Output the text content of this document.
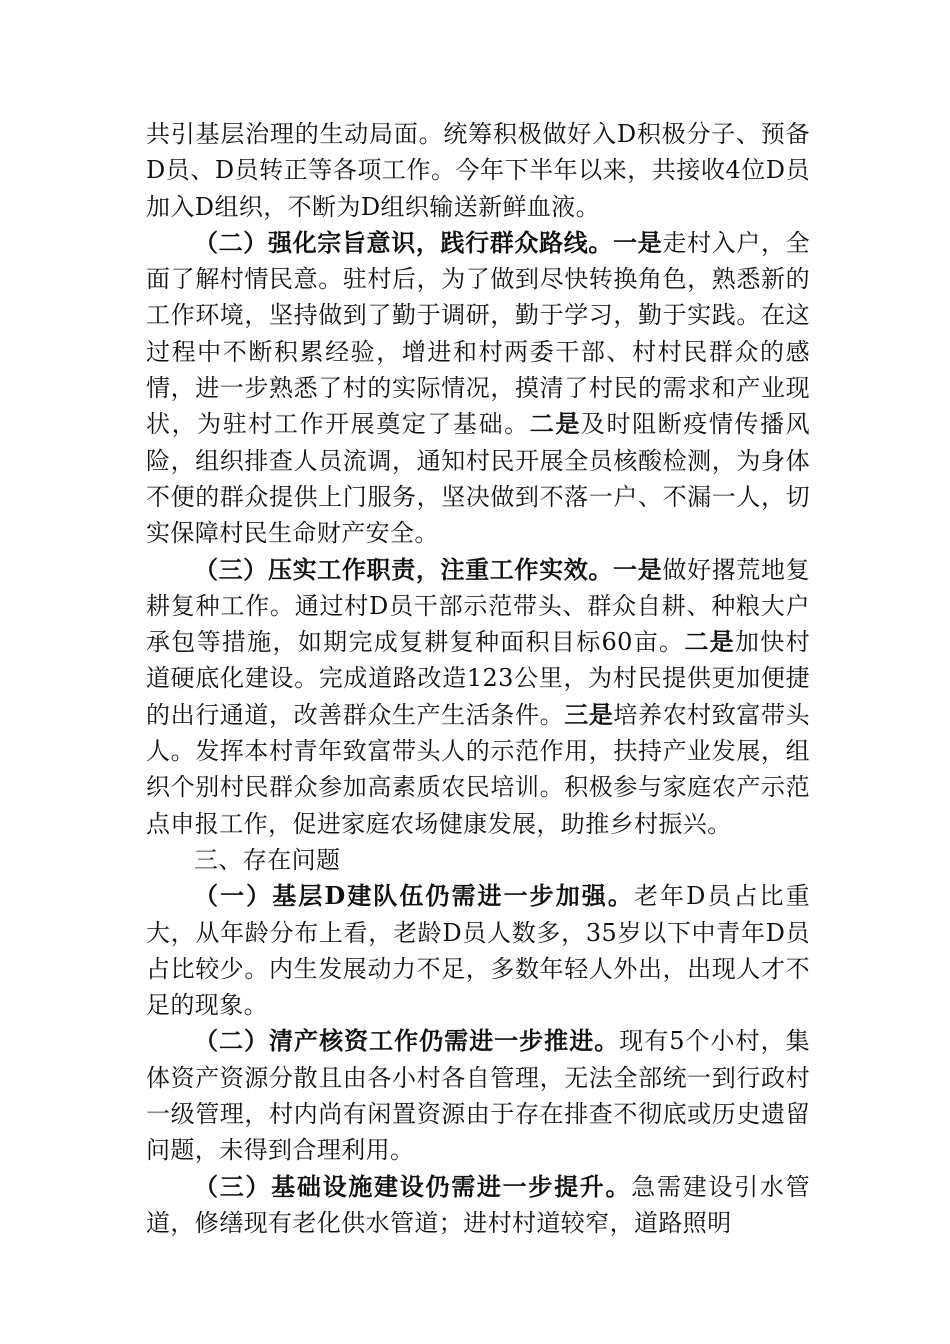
共引基层治理的生动局面。统筹积极做好入D积极分子、预备D员、D员转正等各项工作。今年下半年以来，共接收4位D员加入D组织，不断为D组织输送新鲜血液。

（二）强化宗旨意识，践行群众路线。一是走村入户，全面了解村情民意。驻村后，为了做到尽快转换角色，熟悉新的工作环境，坚持做到了勤于调研，勤于学习，勤于实践。在这过程中不断积累经验，增进和村两委干部、村村民群众的感情，进一步熟悉了村的实际情况，摸清了村民的需求和产业现状，为驻村工作开展奠定了基础。二是及时阻断疫情传播风险，组织排查人员流调，通知村民开展全员核酸检测，为身体不便的群众提供上门服务，坚决做到不落一户、不漏一人，切实保障村民生命财产安全。

（三）压实工作职责，注重工作实效。一是做好撂荒地复耕复种工作。通过村D员干部示范带头、群众自耕、种粮大户承包等措施，如期完成复耕复种面积目标60亩。二是加快村道硬底化建设。完成道路改造123公里，为村民提供更加便捷的出行通道，改善群众生产生活条件。三是培养农村致富带头人。发挥本村青年致富带头人的示范作用，扶持产业发展，组织个别村民群众参加高素质农民培训。积极参与家庭农产示范点申报工作，促进家庭农场健康发展，助推乡村振兴。

三、存在问题

（一）基层D建队伍仍需进一步加强。老年D员占比重大，从年龄分布上看，老龄D员人数多，35岁以下中青年D员占比较少。内生发展动力不足，多数年轻人外出，出现人才不足的现象。

（二）清产核资工作仍需进一步推进。现有5个小村，集体资产资源分散且由各小村各自管理，无法全部统一到行政村一级管理，村内尚有闲置资源由于存在排查不彻底或历史遗留问题，未得到合理利用。

（三）基础设施建设仍需进一步提升。急需建设引水管道，修缮现有老化供水管道；进村村道较窄，道路照明
